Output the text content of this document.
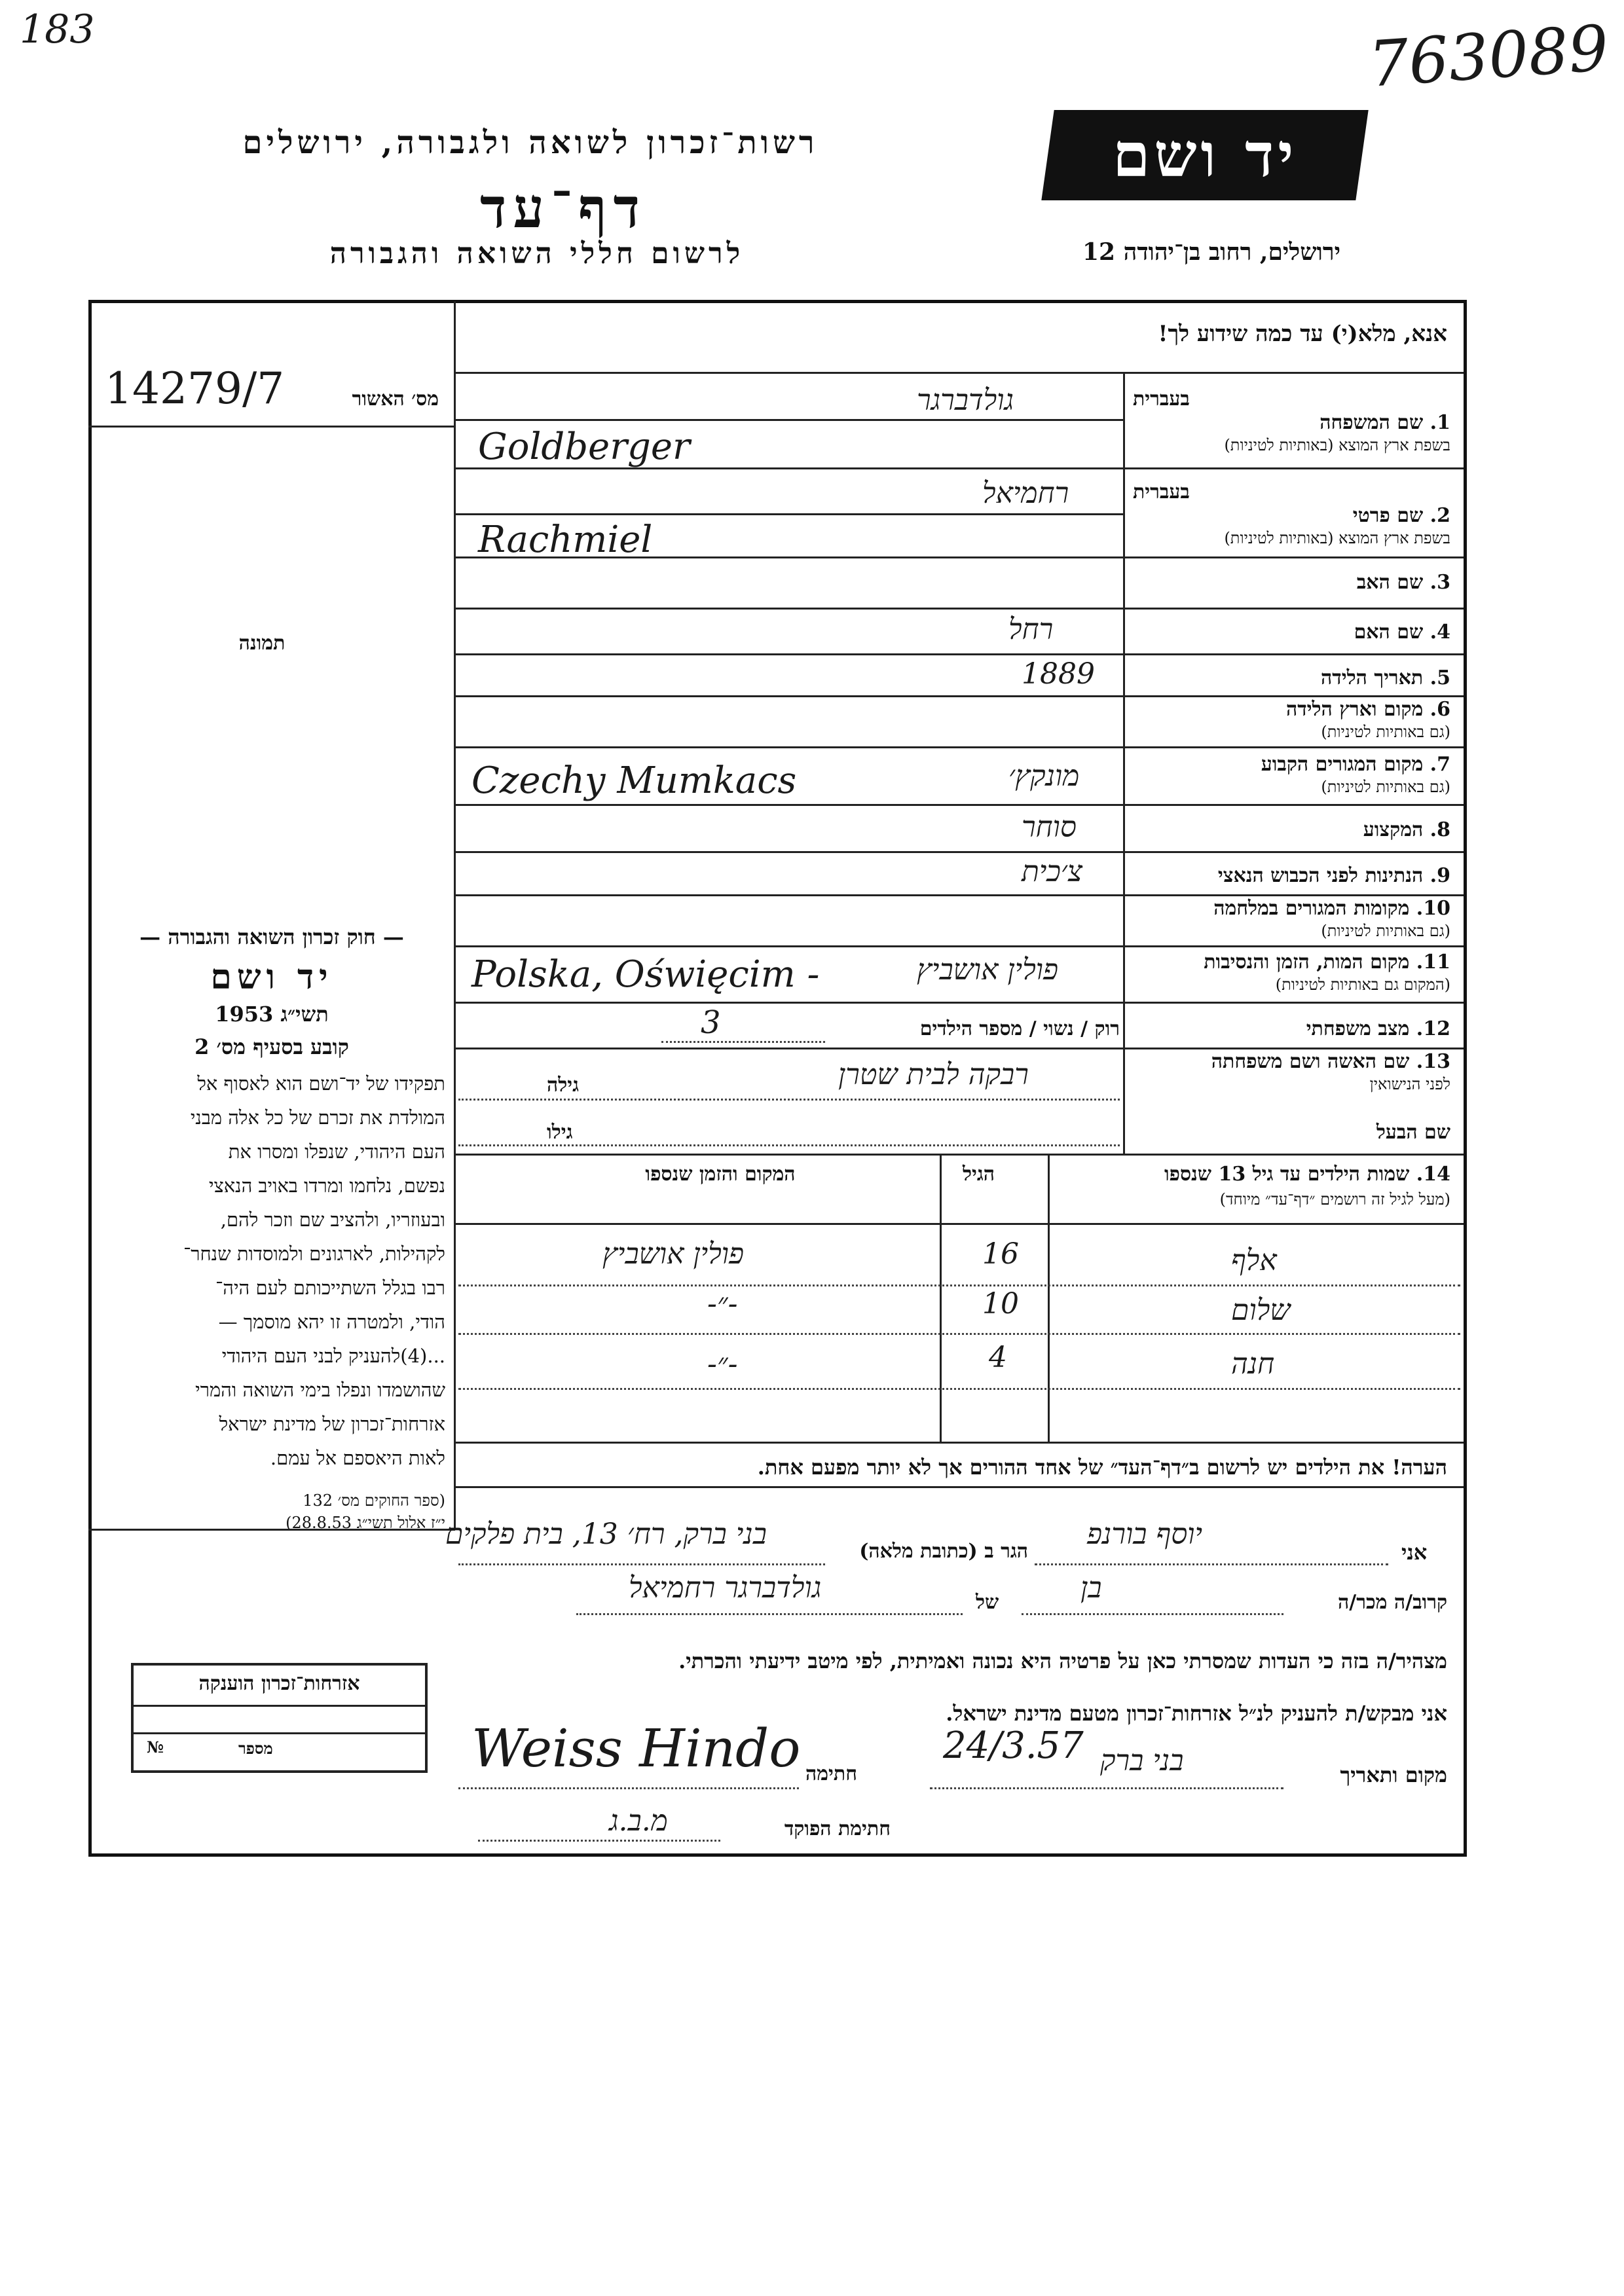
183	763089
רשות־זכרון לשואה ולגבורה, ירושלים
דף־עד
לרשום חללי השואה והגבורה
יד ושם
ירושלים, רחוב בן־יהודה 12
אנא, מלא(י) עד כמה שידוע לך!
מס׳ האשור
14279/7
תמונה
בעברית
1. שם המשפחה
בשפת ארץ המוצא (באותיות לטיניות)
גולדברגר
Goldberger
בעברית
2. שם פרטי
בשפת ארץ המוצא (באותיות לטיניות)
רחמיאל
Rachmiel
3. שם האב
4. שם האם
רחל
5. תאריך הלידה
1889
6. מקום וארץ הלידה
(גם באותיות לטיניות)
7. מקום המגורים הקבוע
(גם באותיות לטיניות)
מונקץ׳
Czechy Mumkacs
8. המקצוע
סוחר
9. הנתינות לפני הכבוש הנאצי
צ׳כית
10. מקומות המגורים במלחמה
(גם באותיות לטיניות)
11. מקום המות, הזמן והנסיבות
(המקום גם באותיות לטיניות)
פולין אושביץ
Polska, Oświęcim -
12. מצב משפחתי
רוק / נשוי / מספר הילדים
3
13. שם האשה ושם משפחתה
לפני הנישואין
גילה	רבקה לבית שטרן
שם הבעל
גילו
14. שמות הילדים עד גיל 13 שנספו
(מעל לגיל זה רושמים ״דף־עד״ מיוחד)
הגיל
המקום והזמן שנספו
אלף
16
פולין אושביץ
שלום
10
-״-
חנה
4
-״-
הערה! את הילדים יש לרשום ב״דף־העד״ של אחד ההורים אך לא יותר מפעם אחת.
— חוק זכרון השואה והגבורה —
יד ושם
תשי״ג 1953
קובע בסעיף מס׳ 2
תפקידו של יד־ושם הוא לאסוף אל
המולדת את זכרם של כל אלה מבני
העם היהודי, שנפלו ומסרו את
נפשם, נלחמו ומרדו באויב הנאצי
ובעוזריו, ולהציב שם וזכר להם,
לקהילות, לארגונים ולמוסדות שנחר־
רבו בגלל השתייכותם לעם היה־
הודי, ולמטרה זו יהא מוסמך —
...(4)להעניק לבני העם היהודי
שהושמדו ונפלו בימי השואה והמרי
אזרחות־זכרון של מדינת ישראל
לאות היאספם אל עמם.
(ספר החוקים מס׳ 132
י״ז אלול תשי״ג 28.8.53)
אני
יוסף בורנפ
הגר ב (כתובת מלאה)
בני ברק, רח׳ 13, בית פלקים
קרוב/ה מכר/ה
בן
של
גולדברגר רחמיאל
מצהיר/ה בזה כי העדות שמסרתי כאן על פרטיה היא נכונה ואמיתית, לפי מיטב ידיעתי והכרתי.
אני מבקש/ת להעניק לנ״ל אזרחות־זכרון מטעם מדינת ישראל.
מקום ותאריך
בני ברק
24/3.57
חתימה
Weiss Hindo
חתימת הפוקד
מ.ב.ג
אזרחות־זכרון הוענקה
מספר
№
